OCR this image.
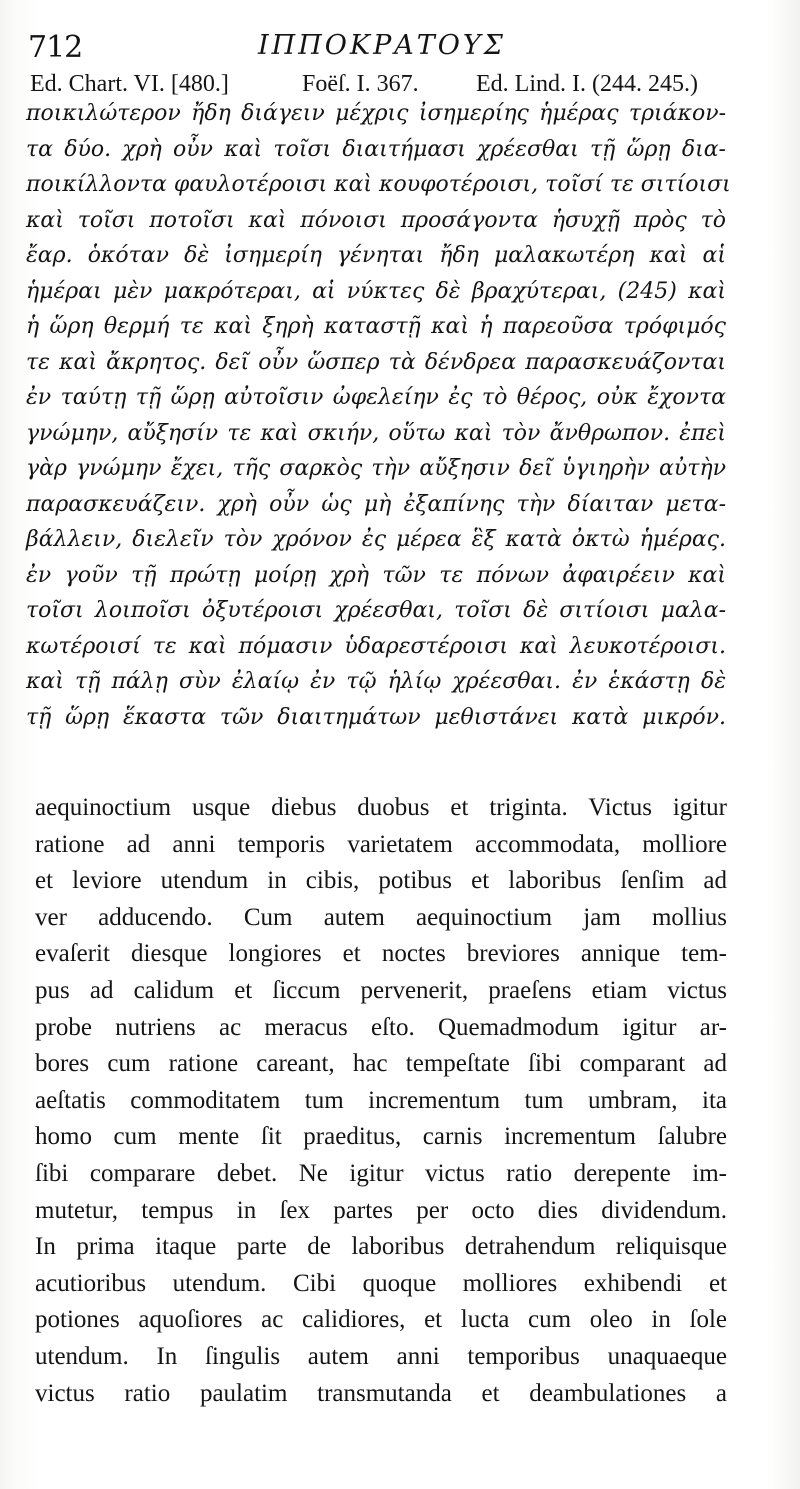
712	ΙΠΠΟΚΡΑΤΟΥΣ
Ed. Chart. VI. [480.]	Foëſ. I. 367. Ed. Lind. I. (244. 245.)
ποικιλώτερον ἤδη διάγειν μέχρις ἰσημερίης ἡμέρας τριάκον-
τα δύο. χρὴ οὖν καὶ τοῖσι διαιτήμασι χρέεσθαι τῇ ὥρῃ δια-
ποικίλλοντα φαυλοτέροισι καὶ κουφοτέροισι, τοῖσί τε σιτίοισι
καὶ τοῖσι ποτοῖσι καὶ πόνοισι προσάγοντα ἡσυχῇ πρὸς τὸ
ἔαρ. ὁκόταν δὲ ἰσημερίη γένηται ἤδη μαλακωτέρη καὶ αἱ
ἡμέραι μὲν μακρότεραι, αἱ νύκτες δὲ βραχύτεραι, (245) καὶ
ἡ ὥρη θερμή τε καὶ ξηρὴ καταστῇ καὶ ἡ παρεοῦσα τρόφιμός
τε καὶ ἄκρητος. δεῖ οὖν ὥσπερ τὰ δένδρεα παρασκευάζονται
ἐν ταύτῃ τῇ ὥρῃ αὐτοῖσιν ὠφελείην ἐς τὸ θέρος, οὐκ ἔχοντα
γνώμην, αὔξησίν τε καὶ σκιήν, οὕτω καὶ τὸν ἄνθρωπον. ἐπεὶ
γὰρ γνώμην ἔχει, τῆς σαρκὸς τὴν αὔξησιν δεῖ ὑγιηρὴν αὐτὴν
παρασκευάζειν. χρὴ οὖν ὡς μὴ ἐξαπίνης τὴν δίαιταν μετα-
βάλλειν, διελεῖν τὸν χρόνον ἐς μέρεα ἓξ κατὰ ὀκτὼ ἡμέρας.
ἐν γοῦν τῇ πρώτῃ μοίρῃ χρὴ τῶν τε πόνων ἀφαιρέειν καὶ
τοῖσι λοιποῖσι ὀξυτέροισι χρέεσθαι, τοῖσι δὲ σιτίοισι μαλα-
κωτέροισί τε καὶ πόμασιν ὑδαρεστέροισι καὶ λευκοτέροισι.
καὶ τῇ πάλῃ σὺν ἐλαίῳ ἐν τῷ ἡλίῳ χρέεσθαι. ἐν ἑκάστῃ δὲ
τῇ ὥρῃ ἕκαστα τῶν διαιτημάτων μεθιστάνει κατὰ μικρόν.
aequinoctium usque diebus duobus et triginta. Victus igitur
ratione ad anni temporis varietatem accommodata, molliore
et leviore utendum in cibis, potibus et laboribus ſenſim ad
ver adducendo. Cum autem aequinoctium jam mollius
evaſerit diesque longiores et noctes breviores annique tem-
pus ad calidum et ſiccum pervenerit, praeſens etiam victus
probe nutriens ac meracus eſto. Quemadmodum igitur ar-
bores cum ratione careant, hac tempeſtate ſibi comparant ad
aeſtatis commoditatem tum incrementum tum umbram, ita
homo cum mente ſit praeditus, carnis incrementum ſalubre
ſibi comparare debet. Ne igitur victus ratio derepente im-
mutetur, tempus in ſex partes per octo dies dividendum.
In prima itaque parte de laboribus detrahendum reliquisque
acutioribus utendum. Cibi quoque molliores exhibendi et
potiones aquoſiores ac calidiores, et lucta cum oleo in ſole
utendum. In ſingulis autem anni temporibus unaquaeque
victus ratio paulatim transmutanda et deambulationes a
